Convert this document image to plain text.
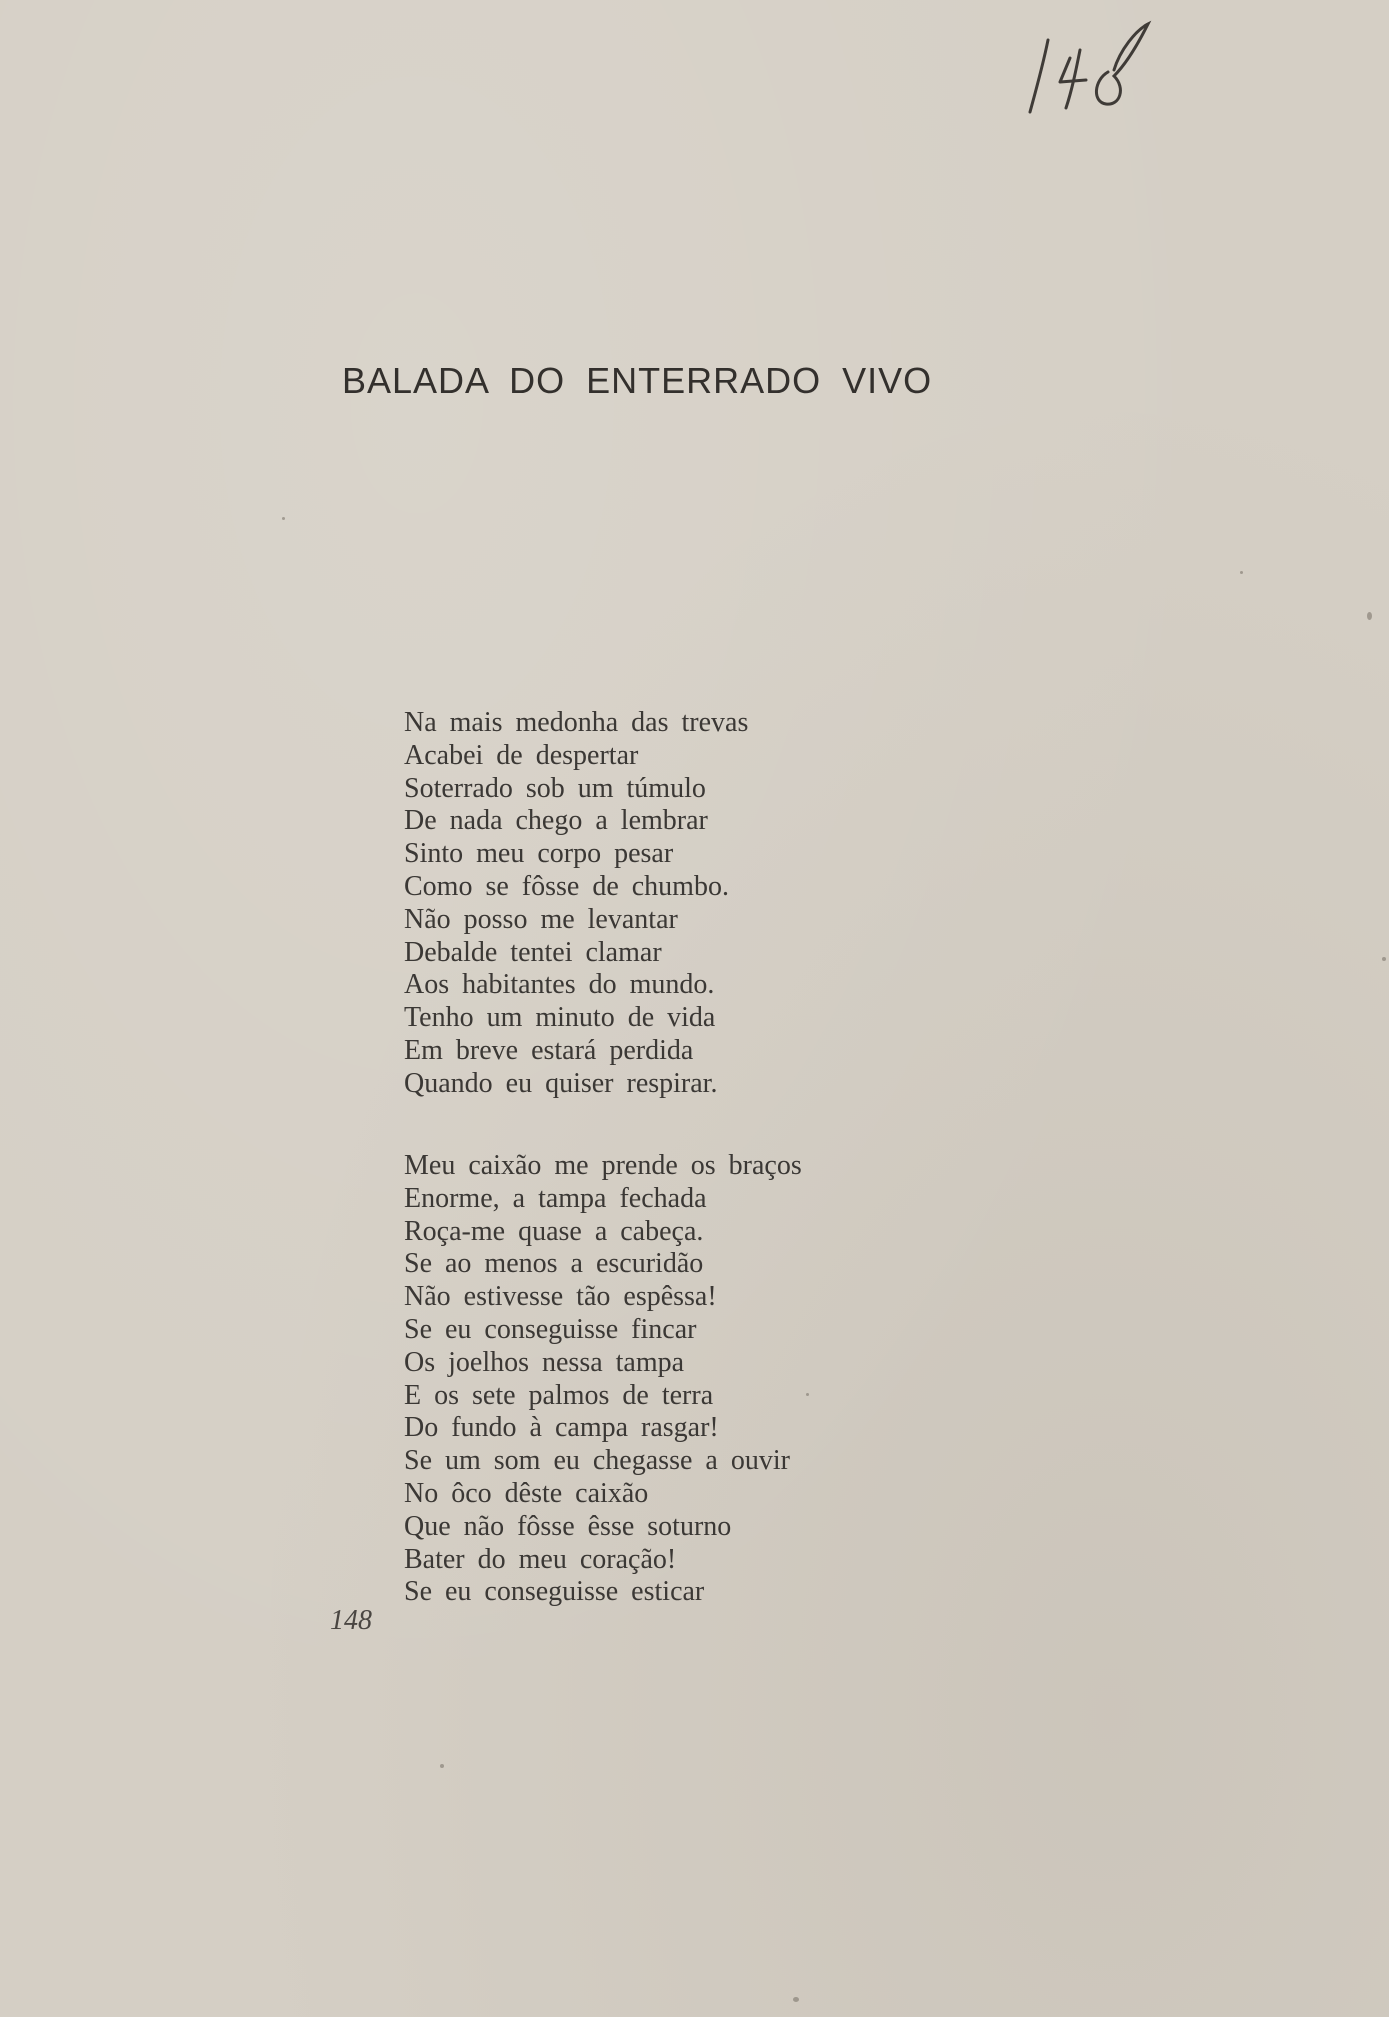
BALADA DO ENTERRADO VIVO
Na mais medonha das trevas
Acabei de despertar
Soterrado sob um túmulo
De nada chego a lembrar
Sinto meu corpo pesar
Como se fôsse de chumbo.
Não posso me levantar
Debalde tentei clamar
Aos habitantes do mundo.
Tenho um minuto de vida
Em breve estará perdida
Quando eu quiser respirar.
Meu caixão me prende os braços
Enorme, a tampa fechada
Roça-me quase a cabeça.
Se ao menos a escuridão
Não estivesse tão espêssa!
Se eu conseguisse fincar
Os joelhos nessa tampa
E os sete palmos de terra
Do fundo à campa rasgar!
Se um som eu chegasse a ouvir
No ôco dêste caixão
Que não fôsse êsse soturno
Bater do meu coração!
Se eu conseguisse esticar

148
